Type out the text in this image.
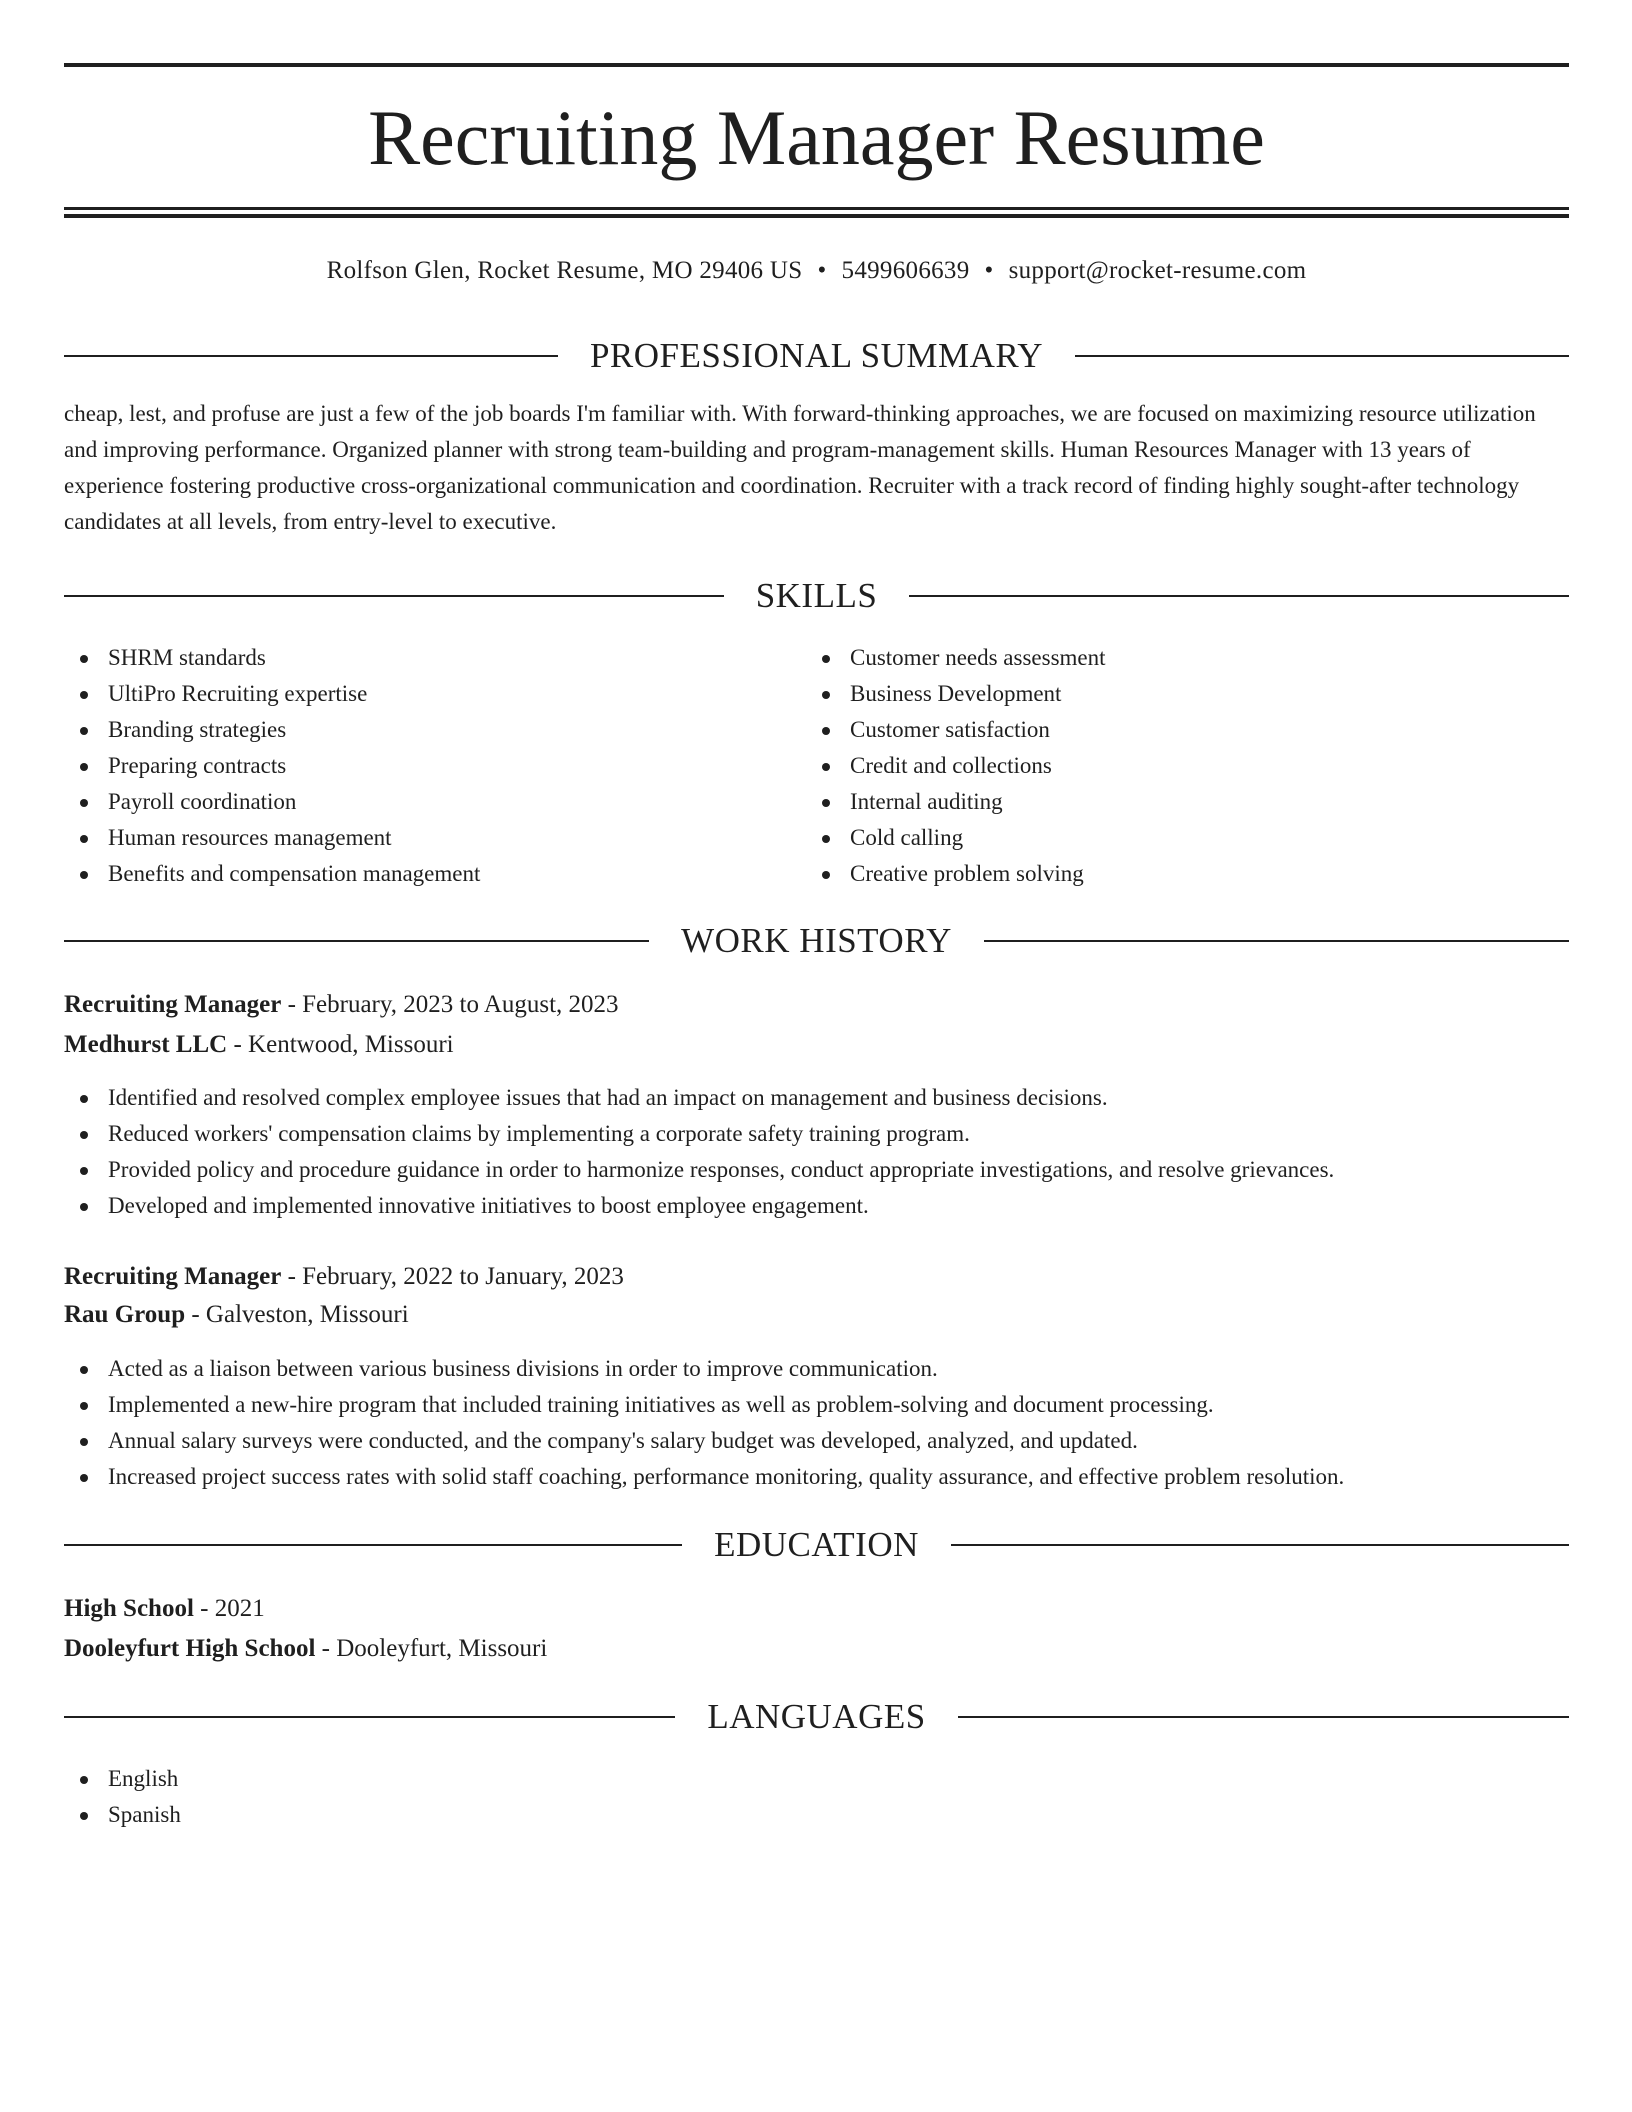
Recruiting Manager Resume
Rolfson Glen, Rocket Resume, MO 29406 US • 5499606639 • support@rocket-resume.com
PROFESSIONAL SUMMARY

cheap, lest, and profuse are just a few of the job boards I'm familiar with. With forward-thinking approaches, we are focused on maximizing resource utilization and improving performance. Organized planner with strong team-building and program-management skills. Human Resources Manager with 13 years of experience fostering productive cross-organizational communication and coordination. Recruiter with a track record of finding highly sought-after technology candidates at all levels, from entry-level to executive.

SKILLS
SHRM standards
UltiPro Recruiting expertise
Branding strategies
Preparing contracts
Payroll coordination
Human resources management
Benefits and compensation management
Customer needs assessment
Business Development
Customer satisfaction
Credit and collections
Internal auditing
Cold calling
Creative problem solving
WORK HISTORY
Recruiting Manager - February, 2023 to August, 2023
Medhurst LLC - Kentwood, Missouri
Identified and resolved complex employee issues that had an impact on management and business decisions.
Reduced workers' compensation claims by implementing a corporate safety training program.
Provided policy and procedure guidance in order to harmonize responses, conduct appropriate investigations, and resolve grievances.
Developed and implemented innovative initiatives to boost employee engagement.
Recruiting Manager - February, 2022 to January, 2023
Rau Group - Galveston, Missouri
Acted as a liaison between various business divisions in order to improve communication.
Implemented a new-hire program that included training initiatives as well as problem-solving and document processing.
Annual salary surveys were conducted, and the company's salary budget was developed, analyzed, and updated.
Increased project success rates with solid staff coaching, performance monitoring, quality assurance, and effective problem resolution.
EDUCATION
High School - 2021
Dooleyfurt High School - Dooleyfurt, Missouri
LANGUAGES
English
Spanish
